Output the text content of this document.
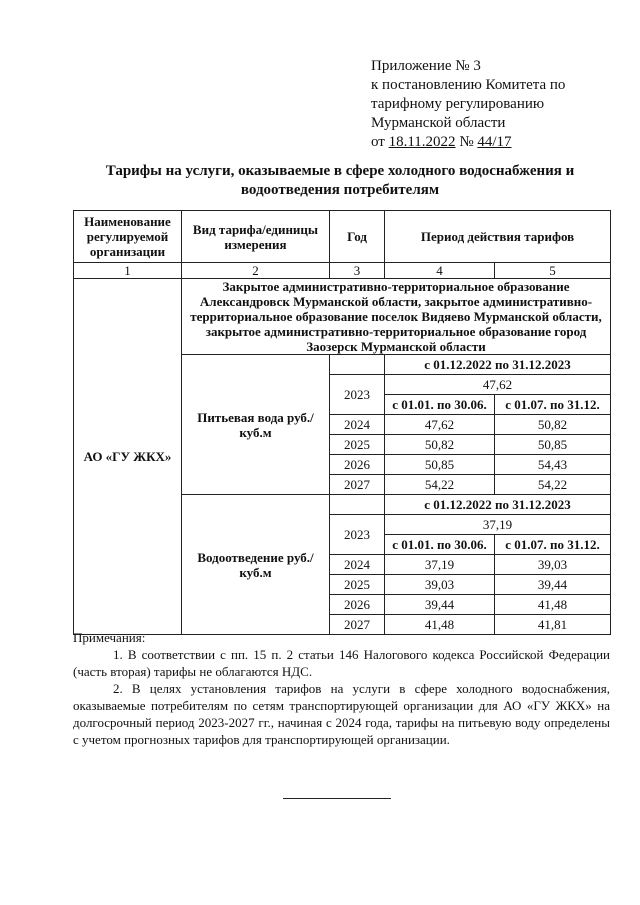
Приложение № 3
к постановлению Комитета по
тарифному регулированию
Мурманской области
от 18.11.2022 № 44/17
Тарифы на услуги, оказываемые в сфере холодного водоснабжения и водоотведения потребителям
Наименование регулируемой организации	Вид тарифа/единицы измерения	Год	Период действия тарифов	
1	2	3	4	5
АО «ГУ ЖКХ»	Закрытое административно-территориальное образование Александровск Мурманской области, закрытое административно-территориальное образование поселок Видяево Мурманской области, закрытое административно-территориальное образование город Заозерск Мурманской области			
	Питьевая вода руб./куб.м		с 01.12.2022 по 31.12.2023	
		2023	47,62	
			с 01.01. по 30.06.	с 01.07. по 31.12.
		2024	47,62	50,82
		2025	50,82	50,85
		2026	50,85	54,43
		2027	54,22	54,22
	Водоотведение руб./куб.м		с 01.12.2022 по 31.12.2023	
		2023	37,19	
			с 01.01. по 30.06.	с 01.07. по 31.12.
		2024	37,19	39,03
		2025	39,03	39,44
		2026	39,44	41,48
		2027	41,48	41,81

Примечания:

1. В соответствии с пп. 15 п. 2 статьи 146 Налогового кодекса Российской Федерации (часть вторая) тарифы не облагаются НДС.

2. В целях установления тарифов на услуги в сфере холодного водоснабжения, оказываемые потребителям по сетям транспортирующей организации для АО «ГУ ЖКХ» на долгосрочный период 2023-2027 гг., начиная с 2024 года, тарифы на питьевую воду определены с учетом прогнозных тарифов для транспортирующей организации.
